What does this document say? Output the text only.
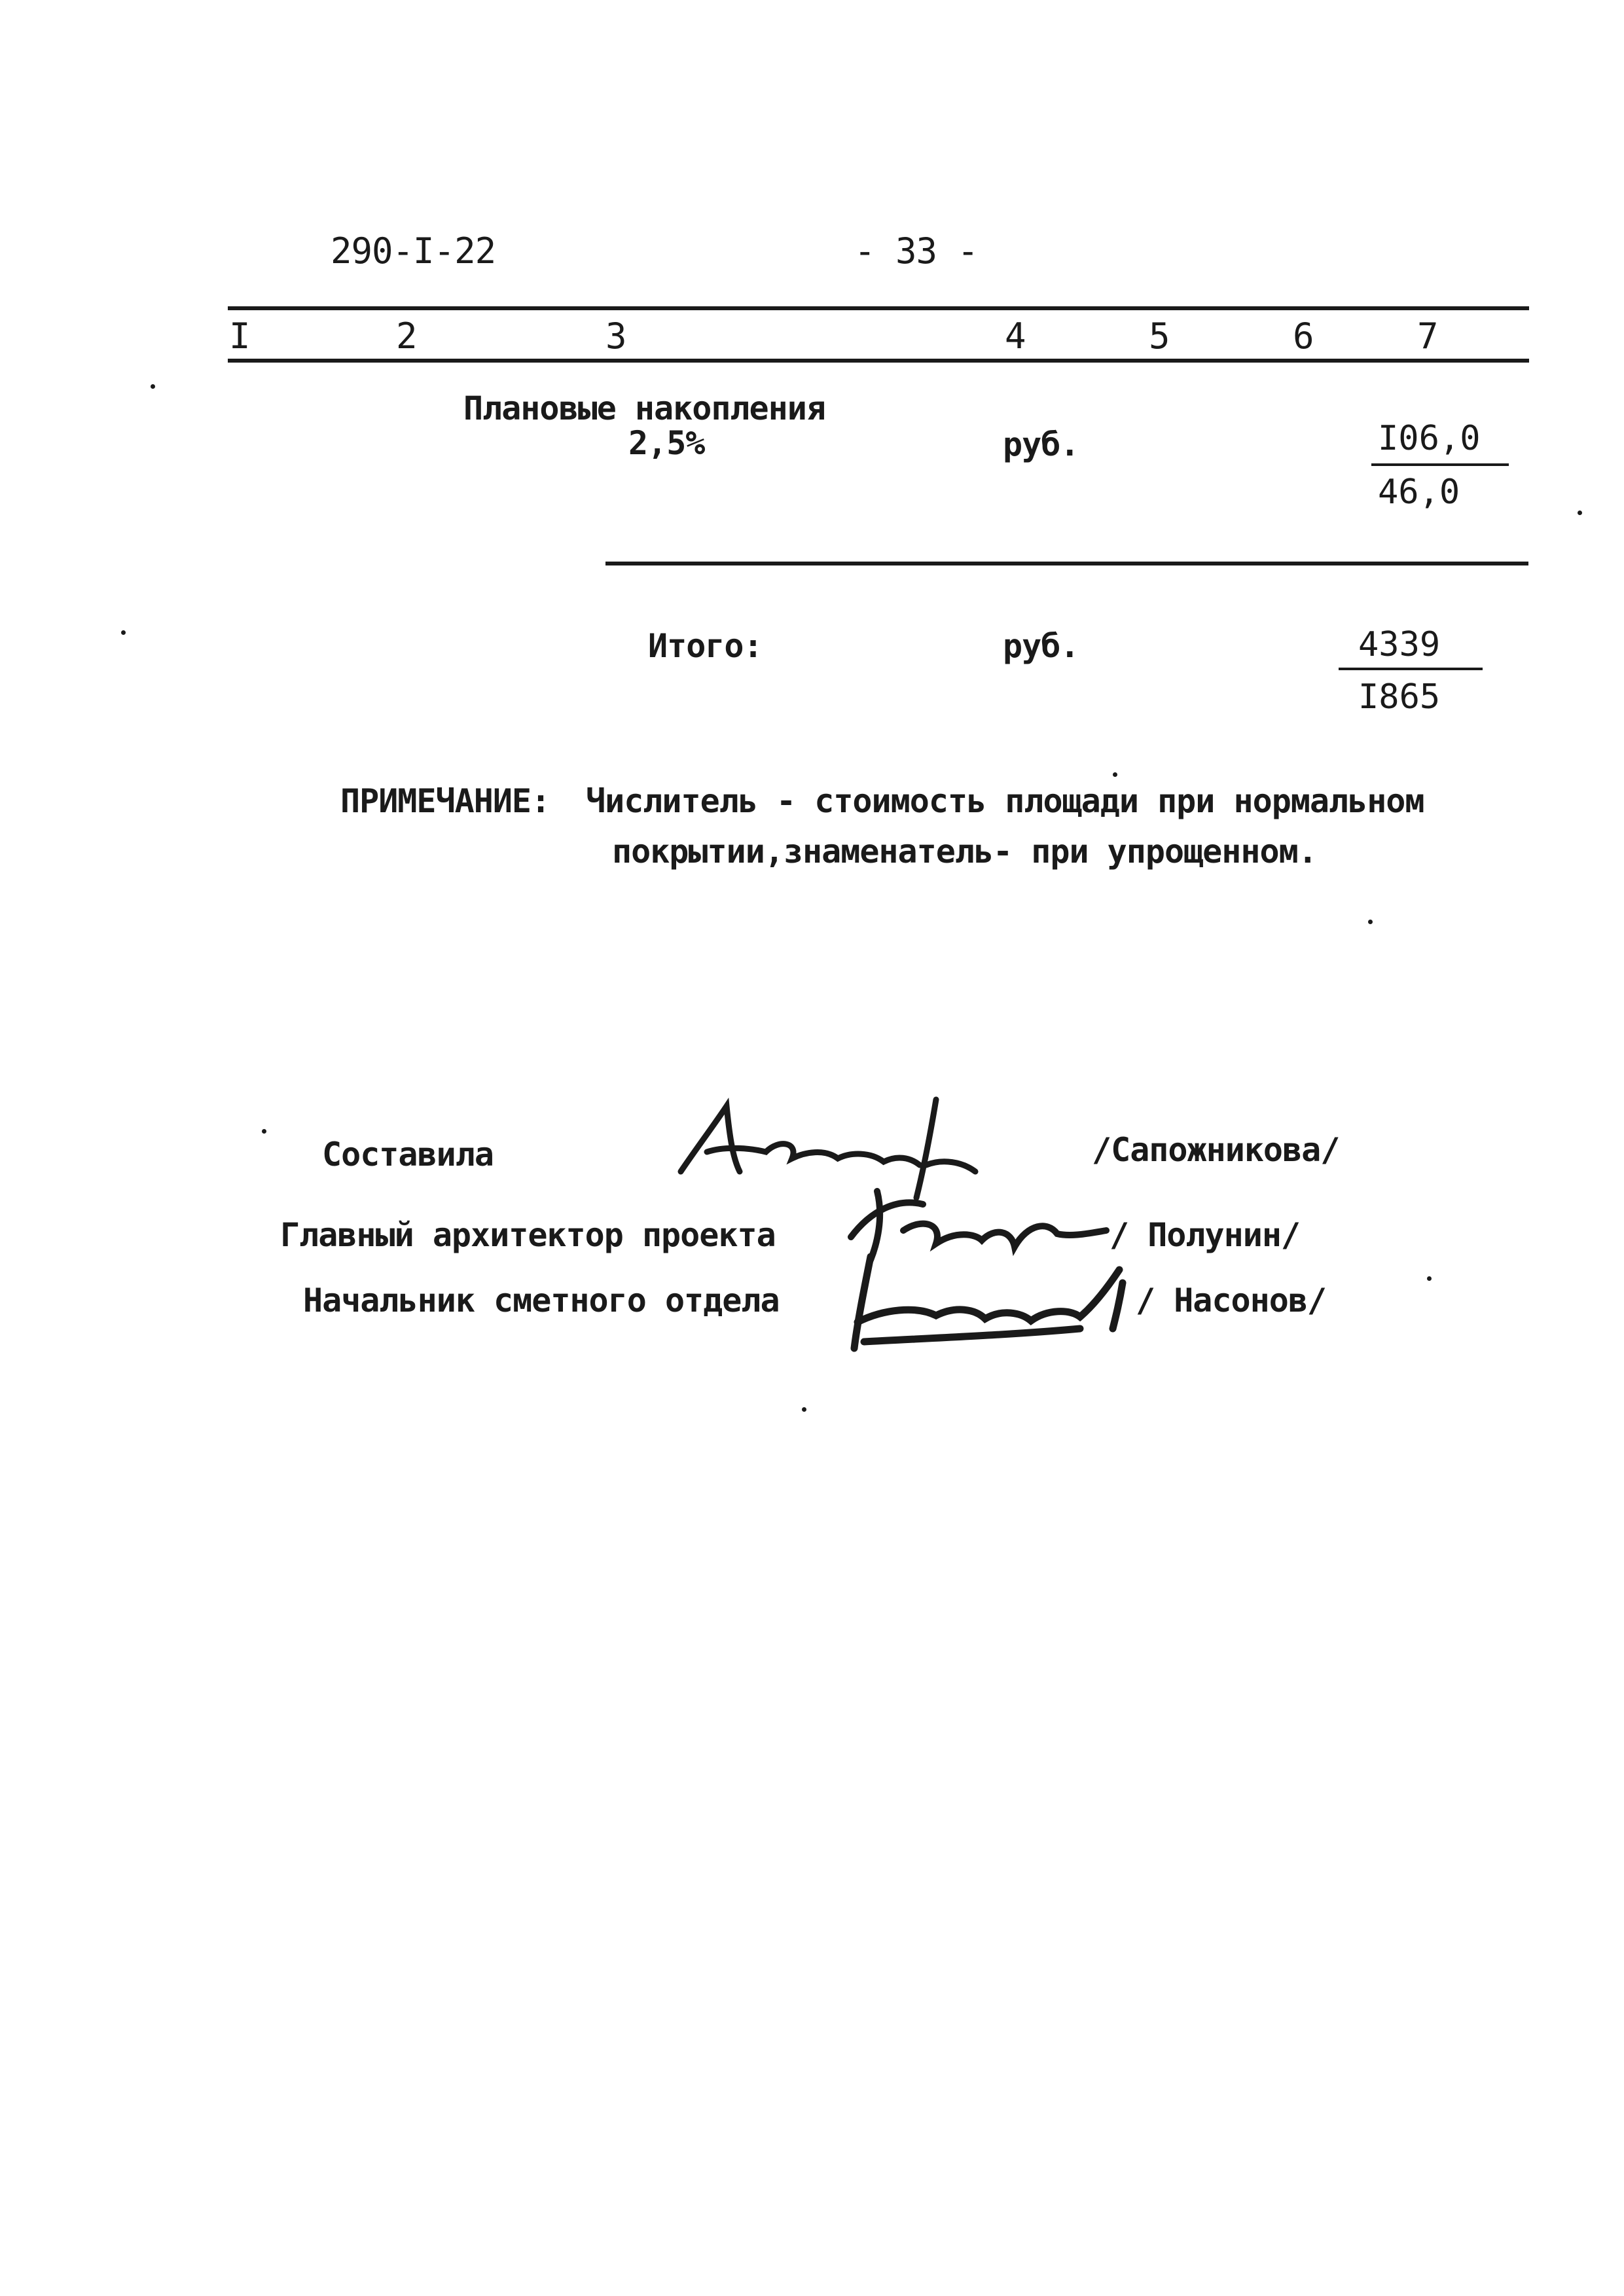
290-I-22	- 33 -
I	2	3	4	5	6	7
Плановые накопления
2,5%	руб.	I06,0
46,0
Итого:	руб.	4339
I865
ПРИМЕЧАНИЕ: Числитель - стоимость площади при нормальном
покрытии,знаменатель- при упрощенном.
Составила	/Сапожникова/
Главный архитектор проекта	/ Полунин/
Начальник сметного отдела	/ Насонов/
